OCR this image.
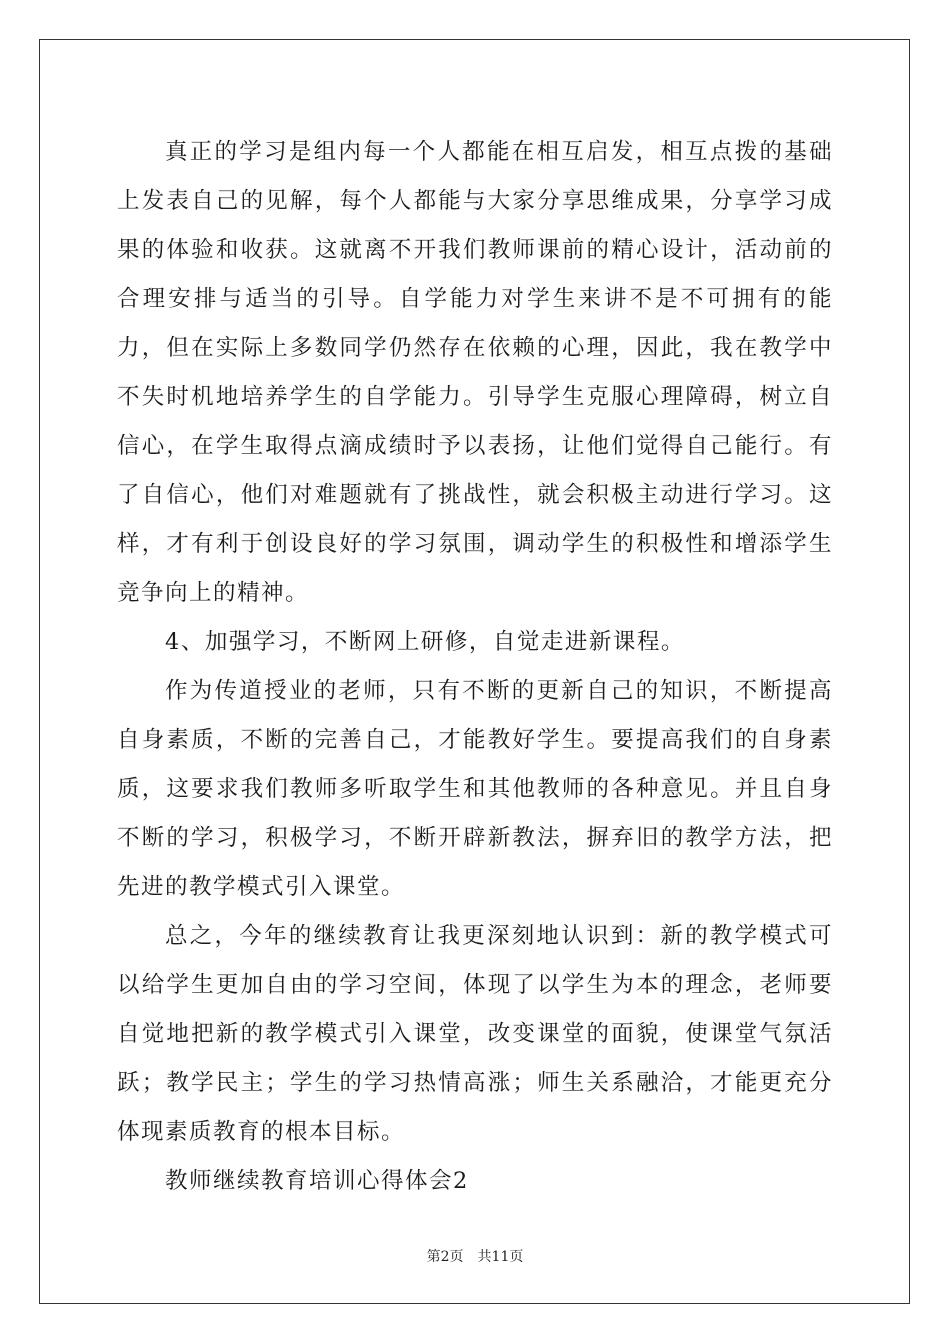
真正的学习是组内每一个人都能在相互启发，相互点拨的基础上发表自己的见解，每个人都能与大家分享思维成果，分享学习成果的体验和收获。这就离不开我们教师课前的精心设计，活动前的合理安排与适当的引导。自学能力对学生来讲不是不可拥有的能力，但在实际上多数同学仍然存在依赖的心理，因此，我在教学中不失时机地培养学生的自学能力。引导学生克服心理障碍，树立自信心，在学生取得点滴成绩时予以表扬，让他们觉得自己能行。有了自信心，他们对难题就有了挑战性，就会积极主动进行学习。这样，才有利于创设良好的学习氛围，调动学生的积极性和增添学生竞争向上的精神。

4、加强学习，不断网上研修，自觉走进新课程。

作为传道授业的老师，只有不断的更新自己的知识，不断提高自身素质，不断的完善自己，才能教好学生。要提高我们的自身素质，这要求我们教师多听取学生和其他教师的各种意见。并且自身不断的学习，积极学习，不断开辟新教法，摒弃旧的教学方法，把先进的教学模式引入课堂。

总之，今年的继续教育让我更深刻地认识到：新的教学模式可以给学生更加自由的学习空间，体现了以学生为本的理念，老师要自觉地把新的教学模式引入课堂，改变课堂的面貌，使课堂气氛活跃；教学民主；学生的学习热情高涨；师生关系融洽，才能更充分体现素质教育的根本目标。

教师继续教育培训心得体会2

第2页 共11页
